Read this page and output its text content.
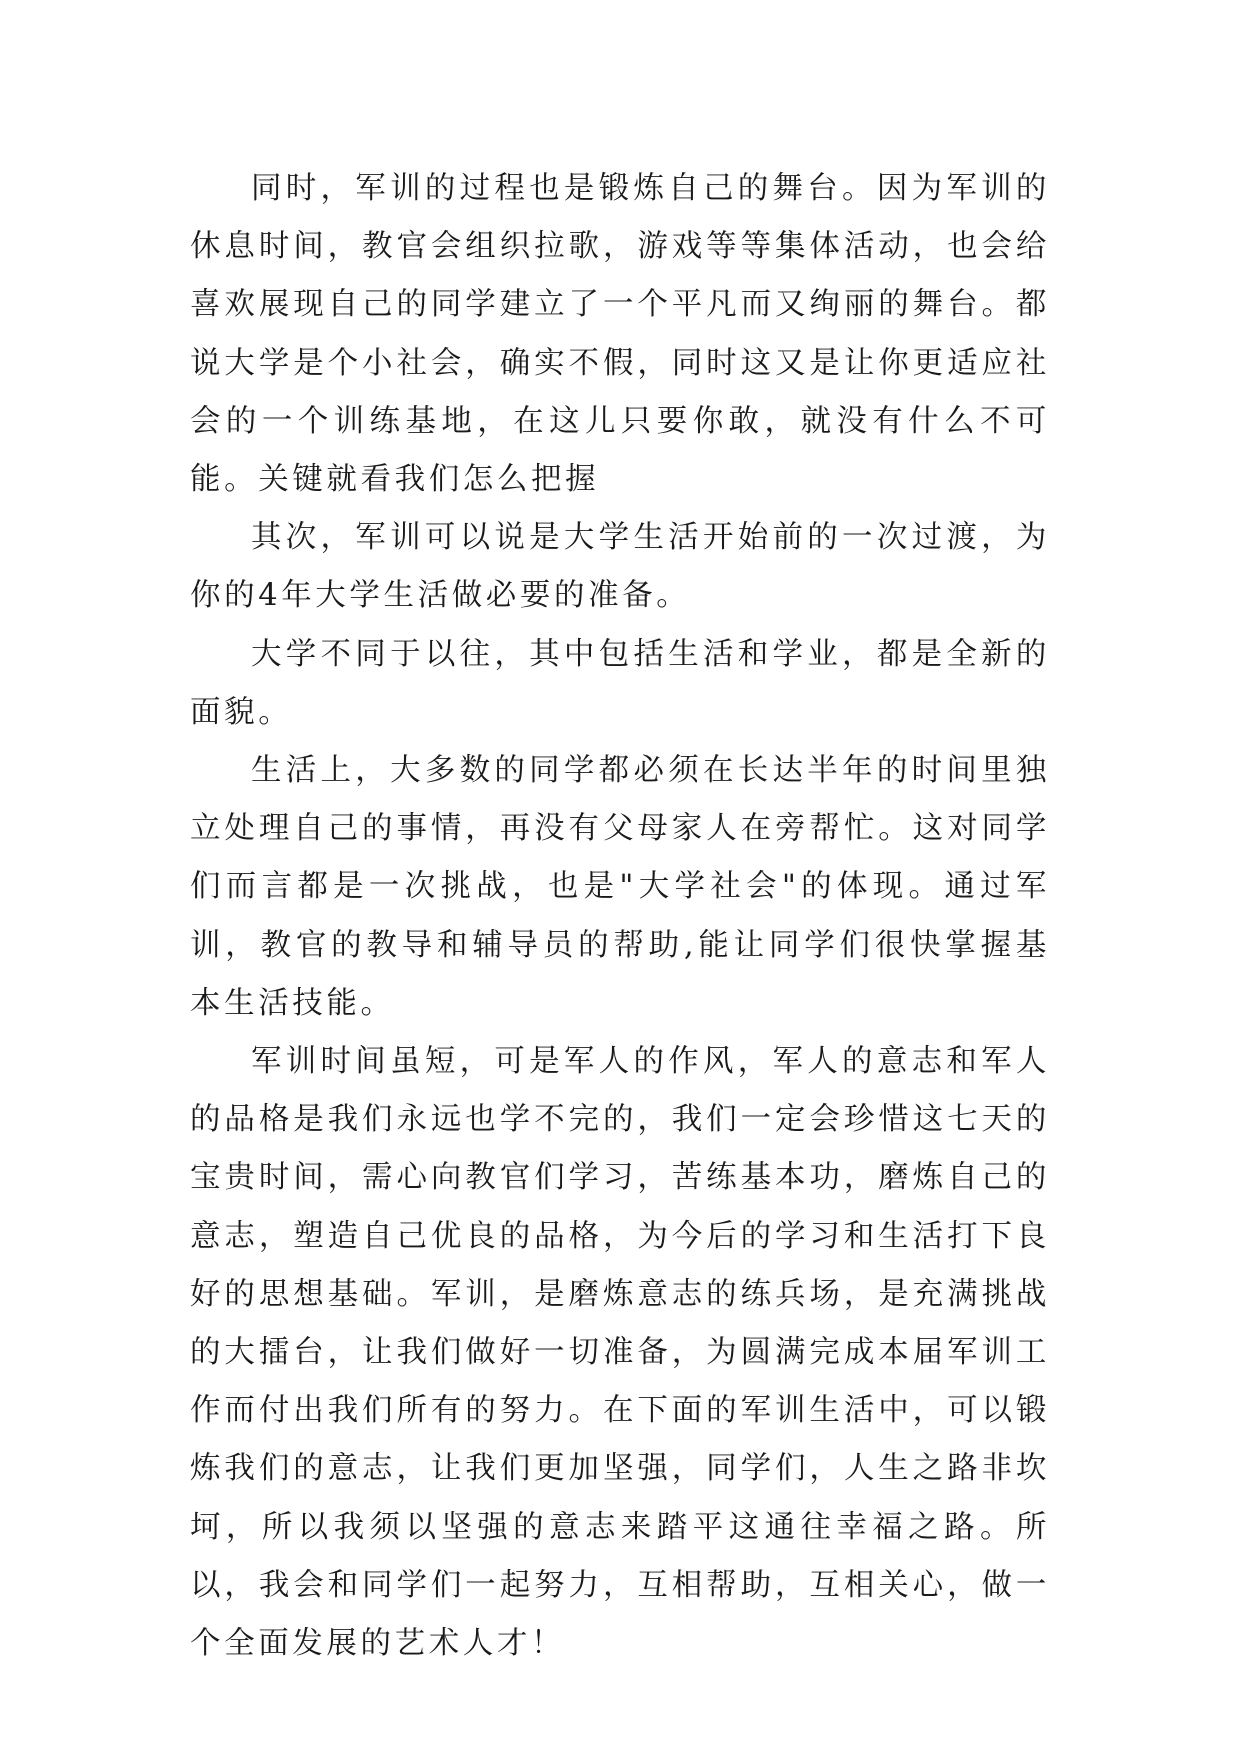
同时，军训的过程也是锻炼自己的舞台。因为军训的休息时间，教官会组织拉歌，游戏等等集体活动，也会给喜欢展现自己的同学建立了一个平凡而又绚丽的舞台。都说大学是个小社会，确实不假，同时这又是让你更适应社会的一个训练基地，在这儿只要你敢，就没有什么不可能。关键就看我们怎么把握

其次，军训可以说是大学生活开始前的一次过渡，为你的4年大学生活做必要的准备。

大学不同于以往，其中包括生活和学业，都是全新的面貌。

生活上，大多数的同学都必须在长达半年的时间里独立处理自己的事情，再没有父母家人在旁帮忙。这对同学们而言都是一次挑战，也是"大学社会"的体现。通过军训，教官的教导和辅导员的帮助,能让同学们很快掌握基本生活技能。

军训时间虽短，可是军人的作风，军人的意志和军人的品格是我们永远也学不完的，我们一定会珍惜这七天的宝贵时间，需心向教官们学习，苦练基本功，磨炼自己的意志，塑造自己优良的品格，为今后的学习和生活打下良好的思想基础。军训，是磨炼意志的练兵场，是充满挑战的大擂台，让我们做好一切准备，为圆满完成本届军训工作而付出我们所有的努力。在下面的军训生活中，可以锻炼我们的意志，让我们更加坚强，同学们，人生之路非坎坷，所以我须以坚强的意志来踏平这通往幸福之路。所以，我会和同学们一起努力，互相帮助，互相关心，做一个全面发展的艺术人才！
